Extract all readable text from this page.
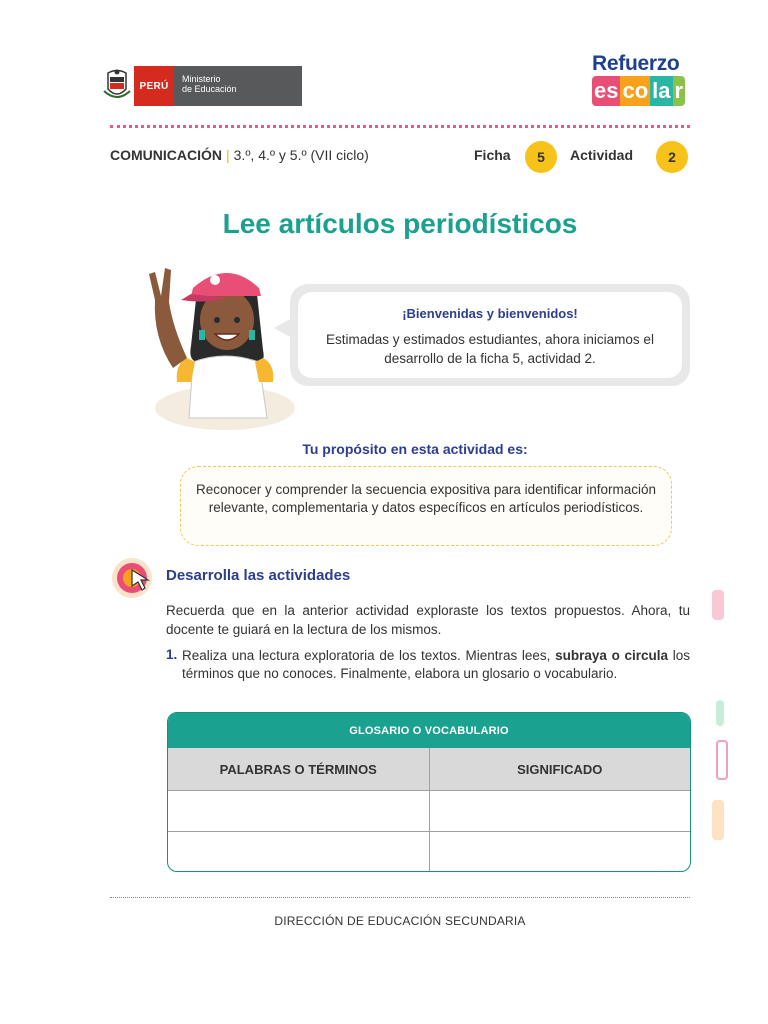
PERÚ
Ministerio
de Educación
Refuerzo
es co la r
COMUNICACIÓN | 3.º, 4.º y 5.º (VII ciclo)	Ficha	5	Actividad	2
Lee artículos periodísticos
¡Bienvenidas y bienvenidos!
Estimadas y estimados estudiantes, ahora iniciamos el desarrollo de la ficha 5, actividad 2.
Tu propósito en esta actividad es:
Reconocer y comprender la secuencia expositiva para identificar información relevante, complementaria y datos específicos en artículos periodísticos.
Desarrolla las actividades
Recuerda que en la anterior actividad exploraste los textos propuestos. Ahora, tu docente te guiará en la lectura de los mismos.
1. Realiza una lectura exploratoria de los textos. Mientras lees, subraya o circula los términos que no conoces. Finalmente, elabora un glosario o vocabulario.
GLOSARIO O VOCABULARIO
PALABRAS O TÉRMINOS	SIGNIFICADO
DIRECCIÓN DE EDUCACIÓN SECUNDARIA
